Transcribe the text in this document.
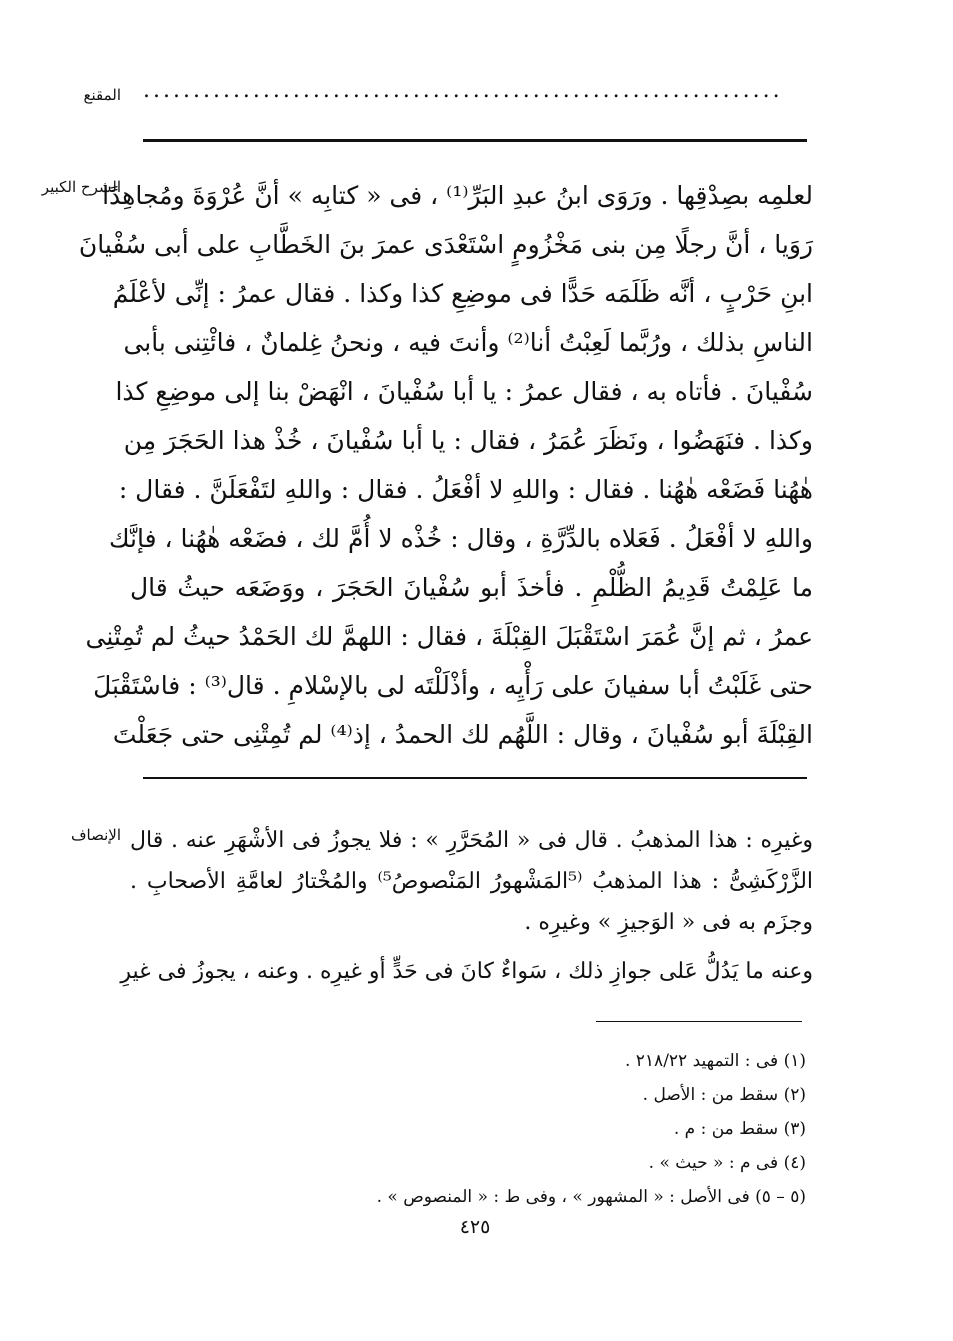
المقنع ................................................................
الشرح الكبير
لعلمِه بصِدْقِها . ورَوَى ابنُ عبدِ البَرِّ⁽¹⁾ ، فى « كتابِه » أنَّ عُرْوَةَ ومُجاهِدًا
رَوَيا ، أنَّ رجلًا مِن بنى مَخْزُومٍ اسْتَعْدَى عمرَ بنَ الخَطَّابِ على أبى سُفْيانَ
ابنِ حَرْبٍ ، أنَّه ظَلَمَه حَدًّا فى موضِعِ كذا وكذا . فقال عمرُ : إنِّى لأعْلَمُ
الناسِ بذلك ، ورُبَّما لَعِبْتُ أنا⁽²⁾ وأنتَ فيه ، ونحنُ غِلمانٌ ، فائْتِنى بأبى
سُفْيانَ . فأتاه به ، فقال عمرُ : يا أبا سُفْيانَ ، انْهَضْ بنا إلى موضِعِ كذا
وكذا . فنَهَضُوا ، ونَظَرَ عُمَرُ ، فقال : يا أبا سُفْيانَ ، خُذْ هذا الحَجَرَ مِن
هٰهُنا فَضَعْه هٰهُنا . فقال : واللهِ لا أفْعَلُ . فقال : واللهِ لتَفْعَلَنَّ . فقال :
واللهِ لا أفْعَلُ . فَعَلاه بالدِّرَّةِ ، وقال : خُذْه لا أُمَّ لك ، فضَعْه هٰهُنا ، فإنَّك
ما عَلِمْتُ قَدِيمُ الظُّلْمِ . فأخذَ أبو سُفْيانَ الحَجَرَ ، ووَضَعَه حيثُ قال
عمرُ ، ثم إنَّ عُمَرَ اسْتَقْبَلَ القِبْلَةَ ، فقال : اللهمَّ لك الحَمْدُ حيثُ لم تُمِتْنِى
حتى غَلَبْتُ أبا سفيانَ على رَأْيِه ، وأذْلَلْتَه لى بالإسْلامِ . قال⁽³⁾ : فاسْتَقْبَلَ
القِبْلَةَ أبو سُفْيانَ ، وقال : اللَّهُم لك الحمدُ ، إذ⁽⁴⁾ لم تُمِتْنِى حتى جَعَلْتَ
الإنصاف وغيرِه : هذا المذهبُ . قال فى « المُحَرَّرِ » : فلا يجوزُ فى الأشْهَرِ عنه . قال
الزَّرْكَشِىُّ : هذا المذهبُ ⁽⁵المَشْهورُ المَنْصوصُ⁵⁾ والمُخْتارُ لعامَّةِ الأصحابِ .
وجزَم به فى « الوَجيزِ » وغيرِه .
وعنه ما يَدُلُّ عَلى جوازِ ذلك ، سَواءٌ كانَ فى حَدٍّ أو غيرِه . وعنه ، يجوزُ فى غيرِ
(١) فى : التمهيد ٢١٨/٢٢ .
(٢) سقط من : الأصل .
(٣) سقط من : م .
(٤) فى م : « حيث » .
(٥ – ٥) فى الأصل : « المشهور » ، وفى ط : « المنصوص » .
٤٢٥
